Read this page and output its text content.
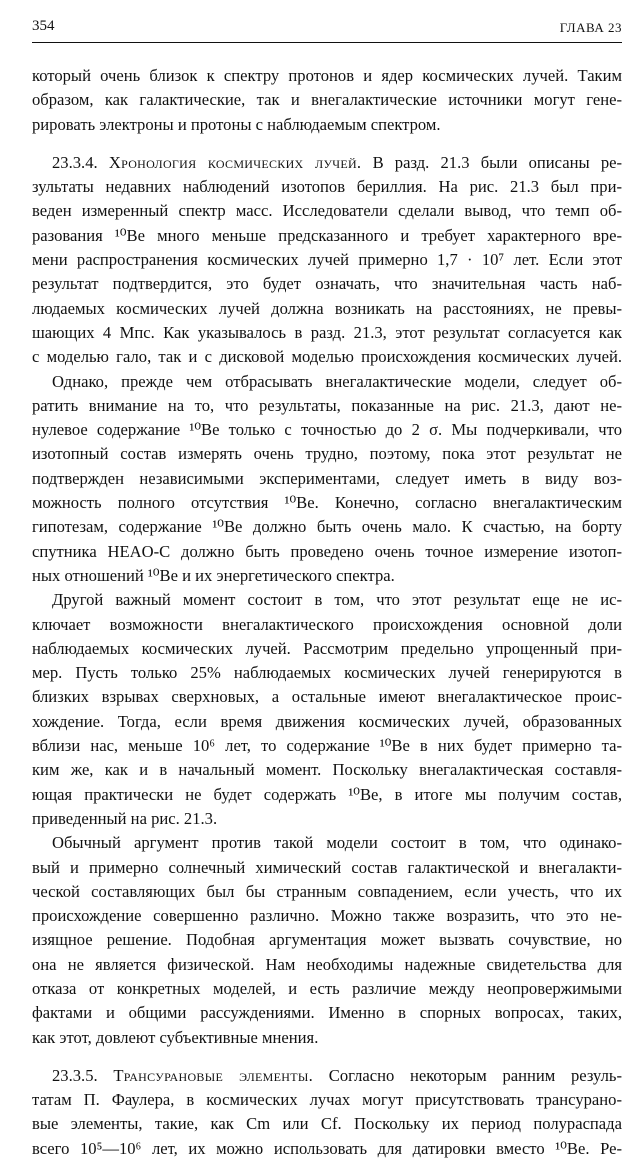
354	ГЛАВА 23
который очень близок к спектру протонов и ядер космических лучей. Таким
образом, как галактические, так и внегалактические источники могут гене-
рировать электроны и протоны с наблюдаемым спектром.
23.3.4. Хронология космических лучей. В разд. 21.3 были описаны ре-
зультаты недавних наблюдений изотопов бериллия. На рис. 21.3 был при-
веден измеренный спектр масс. Исследователи сделали вывод, что темп об-
разования ¹⁰Be много меньше предсказанного и требует характерного вре-
мени распространения космических лучей примерно 1,7 · 10⁷ лет. Если этот
результат подтвердится, это будет означать, что значительная часть наб-
людаемых космических лучей должна возникать на расстояниях, не превы-
шающих 4 Мпс. Как указывалось в разд. 21.3, этот результат согласуется как
с моделью гало, так и с дисковой моделью происхождения космических лучей.
Однако, прежде чем отбрасывать внегалактические модели, следует об-
ратить внимание на то, что результаты, показанные на рис. 21.3, дают не-
нулевое содержание ¹⁰Be только с точностью до 2 σ. Мы подчеркивали, что
изотопный состав измерять очень трудно, поэтому, пока этот результат не
подтвержден независимыми экспериментами, следует иметь в виду воз-
можность полного отсутствия ¹⁰Be. Конечно, согласно внегалактическим
гипотезам, содержание ¹⁰Be должно быть очень мало. К счастью, на борту
спутника HEAO-C должно быть проведено очень точное измерение изотоп-
ных отношений ¹⁰Be и их энергетического спектра.
Другой важный момент состоит в том, что этот результат еще не ис-
ключает возможности внегалактического происхождения основной доли
наблюдаемых космических лучей. Рассмотрим предельно упрощенный при-
мер. Пусть только 25% наблюдаемых космических лучей генерируются в
близких взрывах сверхновых, а остальные имеют внегалактическое проис-
хождение. Тогда, если время движения космических лучей, образованных
вблизи нас, меньше 10⁶ лет, то содержание ¹⁰Be в них будет примерно та-
ким же, как и в начальный момент. Поскольку внегалактическая составля-
ющая практически не будет содержать ¹⁰Be, в итоге мы получим состав,
приведенный на рис. 21.3.
Обычный аргумент против такой модели состоит в том, что одинако-
вый и примерно солнечный химический состав галактической и внегалакти-
ческой составляющих был бы странным совпадением, если учесть, что их
происхождение совершенно различно. Можно также возразить, что это не-
изящное решение. Подобная аргументация может вызвать сочувствие, но
она не является физической. Нам необходимы надежные свидетельства для
отказа от конкретных моделей, и есть различие между неопровержимыми
фактами и общими рассуждениями. Именно в спорных вопросах, таких,
как этот, довлеют субъективные мнения.
23.3.5. Трансурановые элементы. Согласно некоторым ранним резуль-
татам П. Фаулера, в космических лучах могут присутствовать трансурано-
вые элементы, такие, как Cm или Cf. Поскольку их период полураспада
всего 10⁵—10⁶ лет, их можно использовать для датировки вместо ¹⁰Be. Ре-
